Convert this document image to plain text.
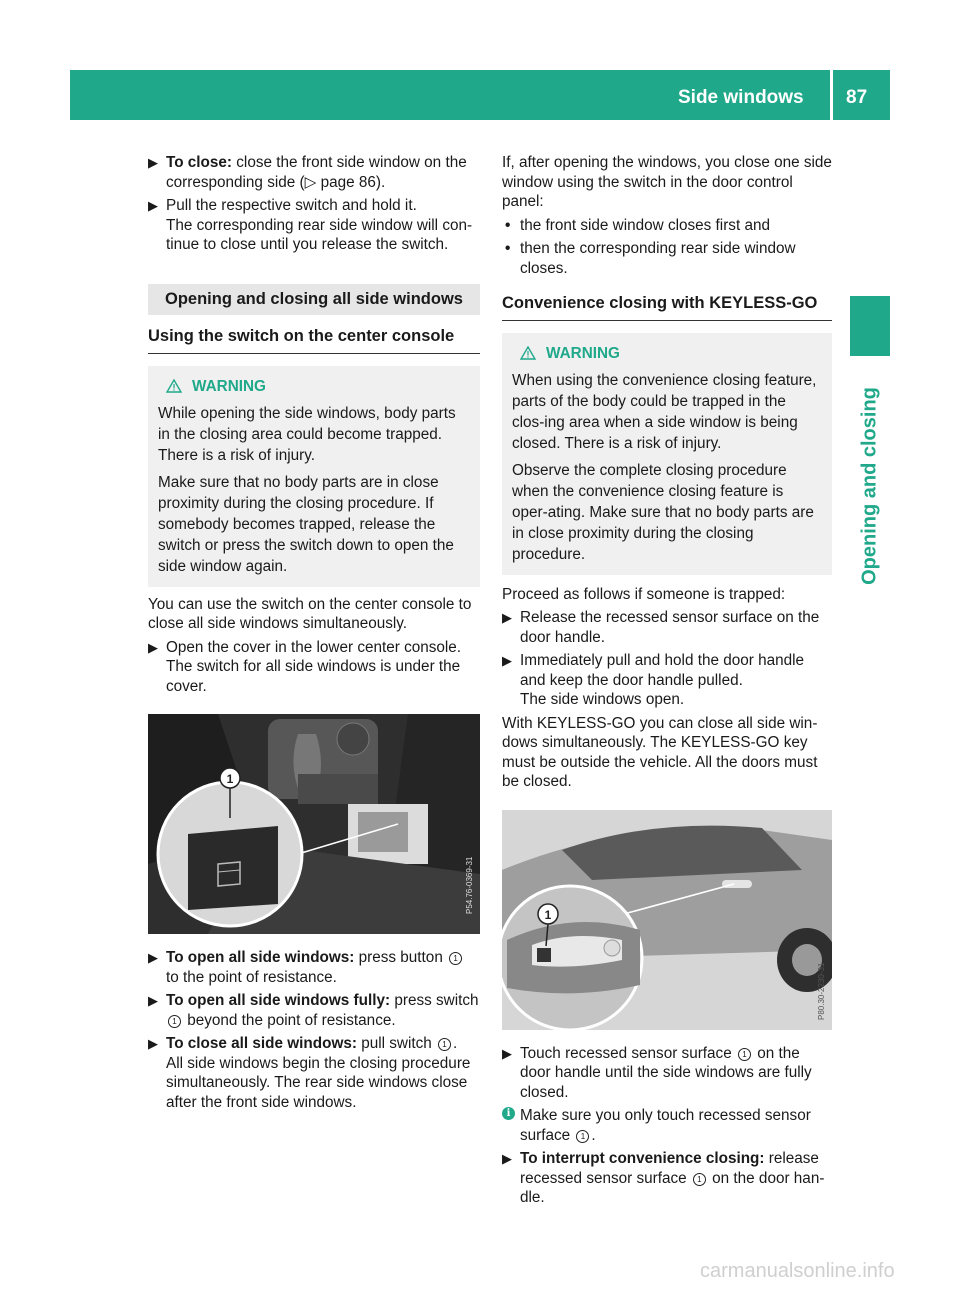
Side windows 87
Opening and closing

▶ To close: close the front side window on the corresponding side (▷ page 86).

▶ Pull the respective switch and hold it.
The corresponding rear side window will con-tinue to close until you release the switch.

Opening and closing all side windows
Using the switch on the center console
WARNING

While opening the side windows, body parts in the closing area could become trapped. There is a risk of injury.

Make sure that no body parts are in close proximity during the closing procedure. If somebody becomes trapped, release the switch or press the switch down to open the side window again.

You can use the switch on the center console to close all side windows simultaneously.

▶ Open the cover in the lower center console.
The switch for all side windows is under the cover.

1
P54.76-0369-31

▶ To open all side windows: press button 1 to the point of resistance.

▶ To open all side windows fully: press switch 1 beyond the point of resistance.

▶ To close all side windows: pull switch 1 .
All side windows begin the closing procedure simultaneously. The rear side windows close after the front side windows.

If, after opening the windows, you close one side window using the switch in the door control panel:

• the front side window closes first and

• then the corresponding rear side window closes.

Convenience closing with KEYLESS-GO
WARNING

When using the convenience closing feature, parts of the body could be trapped in the clos-ing area when a side window is being closed. There is a risk of injury.

Observe the complete closing procedure when the convenience closing feature is oper-ating. Make sure that no body parts are in close proximity during the closing procedure.

Proceed as follows if someone is trapped:

▶ Release the recessed sensor surface on the door handle.

▶ Immediately pull and hold the door handle and keep the door handle pulled.
The side windows open.

With KEYLESS-GO you can close all side win-dows simultaneously. The KEYLESS-GO key must be outside the vehicle. All the doors must be closed.

1
P80.30-2230-31

▶ Touch recessed sensor surface 1 on the door handle until the side windows are fully closed.

i Make sure you only touch recessed sensor surface 1 .

▶ To interrupt convenience closing: release recessed sensor surface 1 on the door han-dle.

carmanualsonline.info
